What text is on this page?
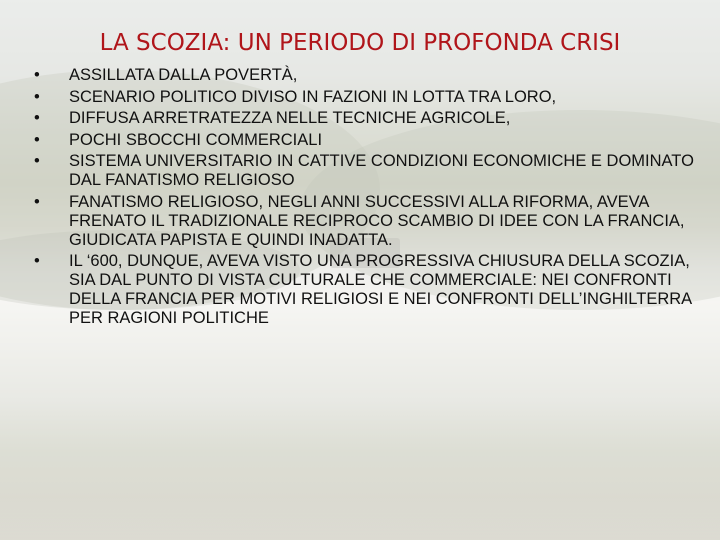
LA SCOZIA: UN PERIODO DI PROFONDA CRISI
•	ASSILLATA DALLA POVERTÀ,
•	SCENARIO POLITICO DIVISO IN FAZIONI IN LOTTA TRA LORO,
•	DIFFUSA ARRETRATEZZA NELLE TECNICHE AGRICOLE,
•	POCHI SBOCCHI COMMERCIALI
•	SISTEMA UNIVERSITARIO IN CATTIVE CONDIZIONI ECONOMICHE E DOMINATO DAL FANATISMO RELIGIOSO
•	FANATISMO RELIGIOSO, NEGLI ANNI SUCCESSIVI ALLA RIFORMA, AVEVA FRENATO IL TRADIZIONALE RECIPROCO SCAMBIO DI IDEE CON LA FRANCIA, GIUDICATA PAPISTA E QUINDI INADATTA.
•	IL ‘600, DUNQUE, AVEVA VISTO UNA PROGRESSIVA CHIUSURA DELLA SCOZIA, SIA DAL PUNTO DI VISTA CULTURALE CHE COMMERCIALE: NEI CONFRONTI DELLA FRANCIA PER MOTIVI RELIGIOSI E NEI CONFRONTI DELL’INGHILTERRA PER RAGIONI POLITICHE
